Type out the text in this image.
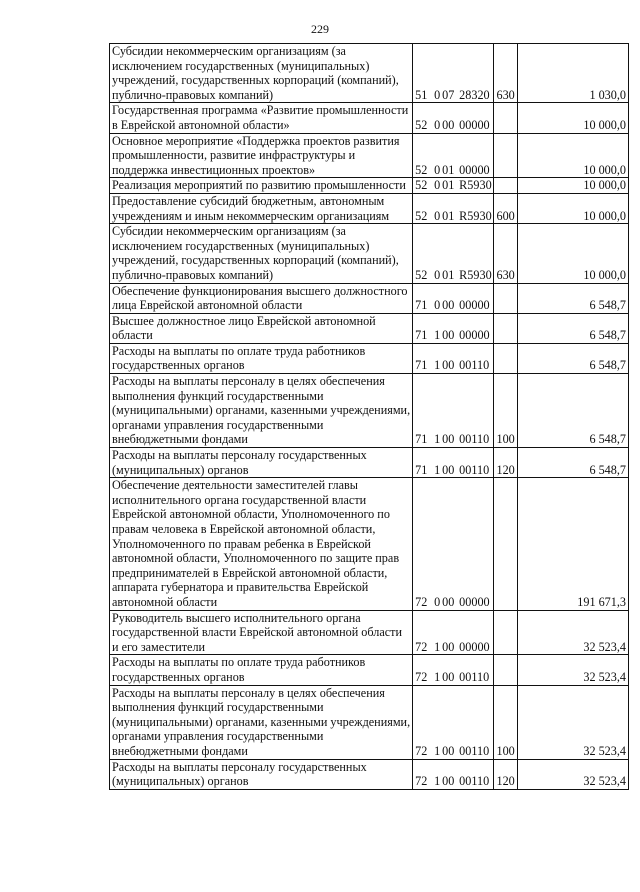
229
Субсидии некоммерческим организациям (за исключением государственных (муниципальных) учреждений, государственных корпораций (компаний), публично-правовых компаний)	51 0 07 28320	630	1 030,0
Государственная программа «Развитие промышленности в Еврейской автономной области»	52 0 00 00000		10 000,0
Основное мероприятие «Поддержка проектов развития промышленности, развитие инфраструктуры и поддержка инвестиционных проектов»	52 0 01 00000		10 000,0
Реализация мероприятий по развитию промышленности	52 0 01 R5930		10 000,0
Предоставление субсидий бюджетным, автономным учреждениям и иным некоммерческим организациям	52 0 01 R5930	600	10 000,0
Субсидии некоммерческим организациям (за исключением государственных (муниципальных) учреждений, государственных корпораций (компаний), публично-правовых компаний)	52 0 01 R5930	630	10 000,0
Обеспечение функционирования высшего должностного лица Еврейской автономной области	71 0 00 00000		6 548,7
Высшее должностное лицо Еврейской автономной области	71 1 00 00000		6 548,7
Расходы на выплаты по оплате труда работников государственных органов	71 1 00 00110		6 548,7
Расходы на выплаты персоналу в целях обеспечения выполнения функций государственными (муниципальными) органами, казенными учреждениями, органами управления государственными внебюджетными фондами	71 1 00 00110	100	6 548,7
Расходы на выплаты персоналу государственных (муниципальных) органов	71 1 00 00110	120	6 548,7
Обеспечение деятельности заместителей главы исполнительного органа государственной власти Еврейской автономной области, Уполномоченного по правам человека в Еврейской автономной области, Уполномоченного по правам ребенка в Еврейской автономной области, Уполномоченного по защите прав предпринимателей в Еврейской автономной области, аппарата губернатора и правительства Еврейской автономной области	72 0 00 00000		191 671,3
Руководитель высшего исполнительного органа государственной власти Еврейской автономной области и его заместители	72 1 00 00000		32 523,4
Расходы на выплаты по оплате труда работников государственных органов	72 1 00 00110		32 523,4
Расходы на выплаты персоналу в целях обеспечения выполнения функций государственными (муниципальными) органами, казенными учреждениями, органами управления государственными внебюджетными фондами	72 1 00 00110	100	32 523,4
Расходы на выплаты персоналу государственных (муниципальных) органов	72 1 00 00110	120	32 523,4
